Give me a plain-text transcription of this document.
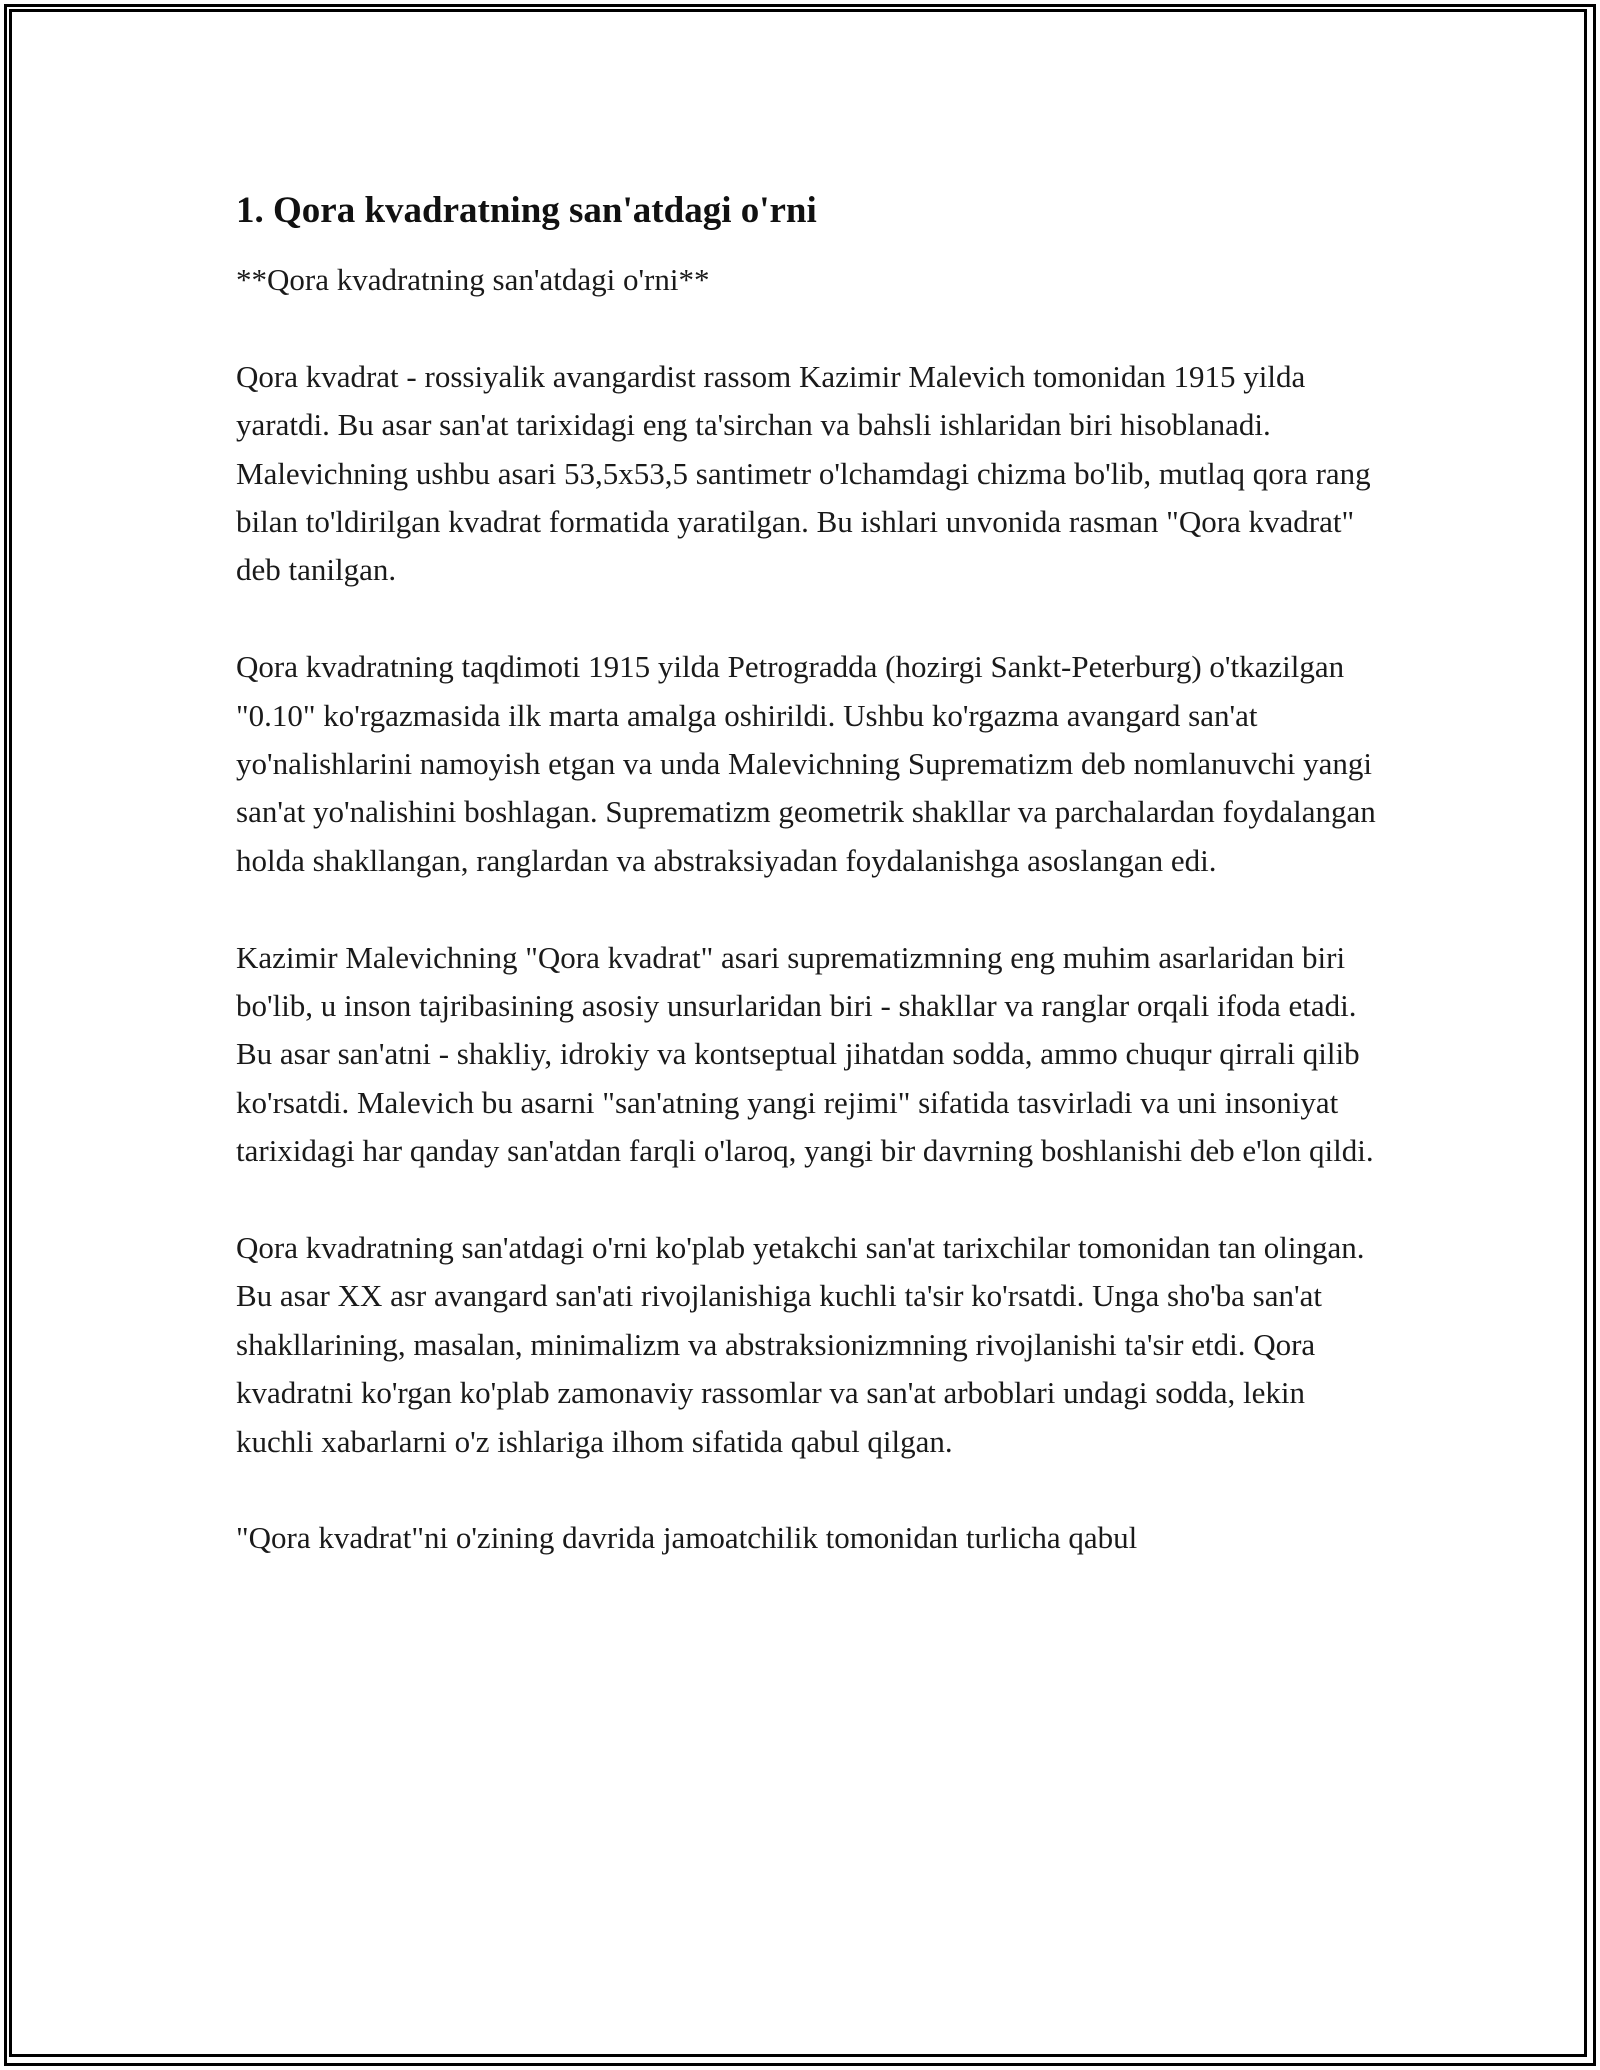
1. Qora kvadratning san'atdagi o'rni

**Qora kvadratning san'atdagi o'rni**

Qora kvadrat - rossiyalik avangardist rassom Kazimir Malevich tomonidan 1915 yilda yaratdi. Bu asar san'at tarixidagi eng ta'sirchan va bahsli ishlaridan biri hisoblanadi. Malevichning ushbu asari 53,5x53,5 santimetr o'lchamdagi chizma bo'lib, mutlaq qora rang bilan to'ldirilgan kvadrat formatida yaratilgan. Bu ishlari unvonida rasman "Qora kvadrat" deb tanilgan.

Qora kvadratning taqdimoti 1915 yilda Petrogradda (hozirgi Sankt-Peterburg) o'tkazilgan "0.10" ko'rgazmasida ilk marta amalga oshirildi. Ushbu ko'rgazma avangard san'at yo'nalishlarini namoyish etgan va unda Malevichning Suprematizm deb nomlanuvchi yangi san'at yo'nalishini boshlagan. Suprematizm geometrik shakllar va parchalardan foydalangan holda shakllangan, ranglardan va abstraksiyadan foydalanishga asoslangan edi.

Kazimir Malevichning "Qora kvadrat" asari suprematizmning eng muhim asarlaridan biri bo'lib, u inson tajribasining asosiy unsurlaridan biri - shakllar va ranglar orqali ifoda etadi. Bu asar san'atni - shakliy, idrokiy va kontseptual jihatdan sodda, ammo chuqur qirrali qilib ko'rsatdi. Malevich bu asarni "san'atning yangi rejimi" sifatida tasvirladi va uni insoniyat tarixidagi har qanday san'atdan farqli o'laroq, yangi bir davrning boshlanishi deb e'lon qildi.

Qora kvadratning san'atdagi o'rni ko'plab yetakchi san'at tarixchilar tomonidan tan olingan. Bu asar XX asr avangard san'ati rivojlanishiga kuchli ta'sir ko'rsatdi. Unga sho'ba san'at shakllarining, masalan, minimalizm va abstraksionizmning rivojlanishi ta'sir etdi. Qora kvadratni ko'rgan ko'plab zamonaviy rassomlar va san'at arboblari undagi sodda, lekin kuchli xabarlarni o'z ishlariga ilhom sifatida qabul qilgan.

"Qora kvadrat"ni o'zining davrida jamoatchilik tomonidan turlicha qabul
